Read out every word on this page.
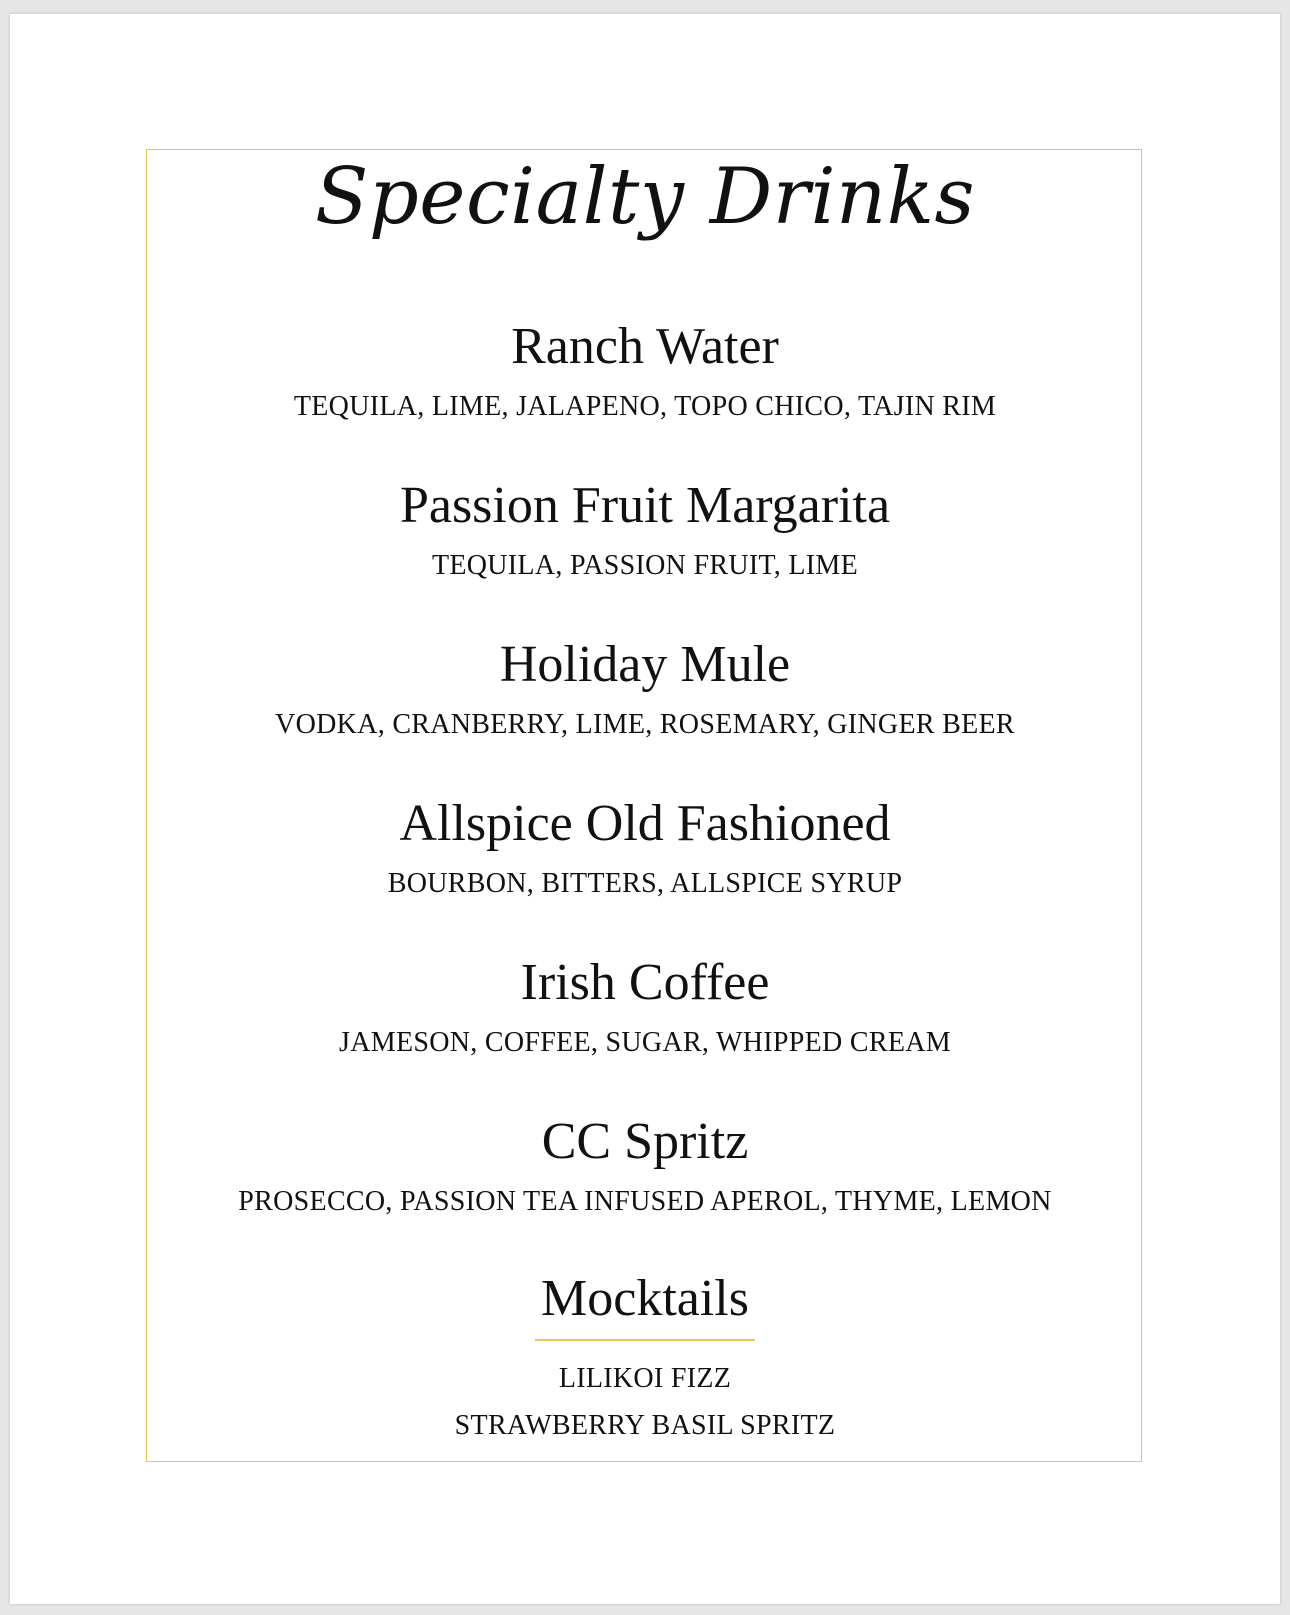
Specialty Drinks
Ranch Water
TEQUILA, LIME, JALAPENO, TOPO CHICO, TAJIN RIM
Passion Fruit Margarita
TEQUILA, PASSION FRUIT, LIME
Holiday Mule
VODKA, CRANBERRY, LIME, ROSEMARY, GINGER BEER
Allspice Old Fashioned
BOURBON, BITTERS, ALLSPICE SYRUP
Irish Coffee
JAMESON, COFFEE, SUGAR, WHIPPED CREAM
CC Spritz
PROSECCO, PASSION TEA INFUSED APEROL, THYME, LEMON
Mocktails
LILIKOI FIZZ
STRAWBERRY BASIL SPRITZ
